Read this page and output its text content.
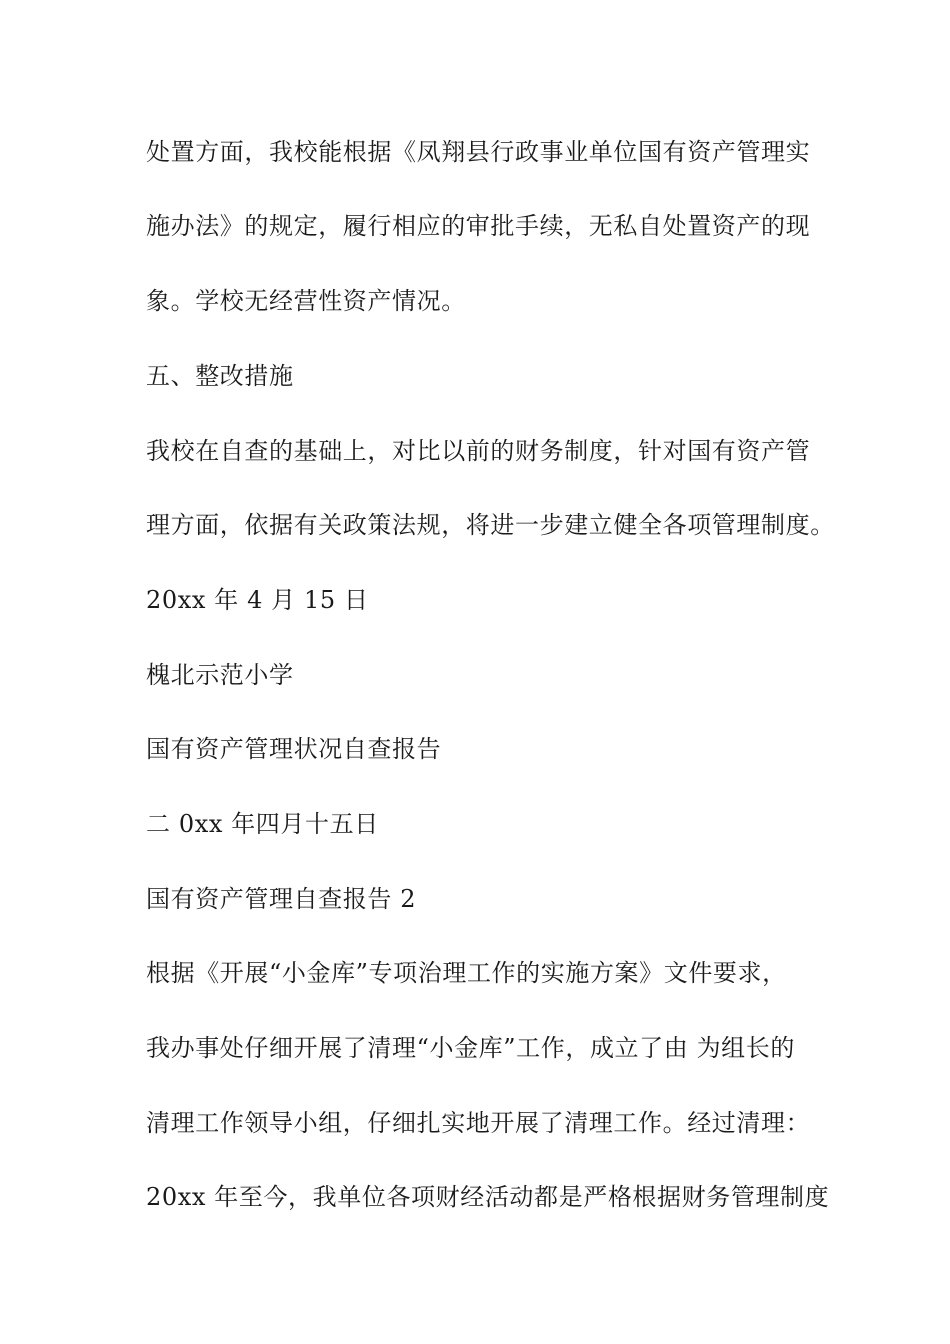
处置方面，我校能根据《凤翔县行政事业单位国有资产管理实
施办法》的规定，履行相应的审批手续，无私自处置资产的现
象。学校无经营性资产情况。
五、整改措施
我校在自查的基础上，对比以前的财务制度，针对国有资产管
理方面，依据有关政策法规，将进一步建立健全各项管理制度。
20xx 年 4 月 15 日
槐北示范小学
国有资产管理状况自查报告
二 0xx 年四月十五日
国有资产管理自查报告 2
根据《开展“小金库”专项治理工作的实施方案》文件要求，
我办事处仔细开展了清理“小金库”工作，成立了由 为组长的
清理工作领导小组，仔细扎实地开展了清理工作。经过清理：
20xx 年至今，我单位各项财经活动都是严格根据财务管理制度
